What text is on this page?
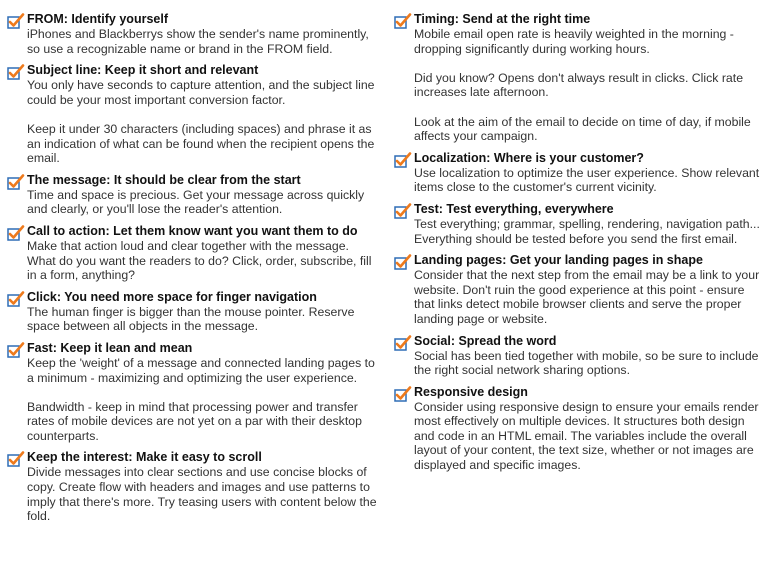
FROM: Identify yourself

iPhones and Blackberrys show the sender's name prominently, so use a recognizable name or brand in the FROM field.

Subject line: Keep it short and relevant

You only have seconds to capture attention, and the subject line could be your most important conversion factor.

Keep it under 30 characters (including spaces) and phrase it as an indication of what can be found when the recipient opens the email.

The message: It should be clear from the start

Time and space is precious. Get your message across quickly and clearly, or you'll lose the reader's attention.

Call to action: Let them know want you want them to do

Make that action loud and clear together with the message. What do you want the readers to do? Click, order, subscribe, fill in a form, anything?

Click: You need more space for finger navigation

The human finger is bigger than the mouse pointer. Reserve space between all objects in the message.

Fast: Keep it lean and mean

Keep the 'weight' of a message and connected landing pages to a minimum - maximizing and optimizing the user experience.

Bandwidth - keep in mind that processing power and transfer rates of mobile devices are not yet on a par with their desktop counterparts.

Keep the interest: Make it easy to scroll

Divide messages into clear sections and use concise blocks of copy. Create flow with headers and images and use patterns to imply that there's more. Try teasing users with content below the fold.

Timing: Send at the right time

Mobile email open rate is heavily weighted in the morning - dropping significantly during working hours.

Did you know? Opens don't always result in clicks. Click rate increases late afternoon.

Look at the aim of the email to decide on time of day, if mobile affects your campaign.

Localization: Where is your customer?

Use localization to optimize the user experience. Show relevant items close to the customer's current vicinity.

Test: Test everything, everywhere

Test everything; grammar, spelling, rendering, navigation path... Everything should be tested before you send the first email.

Landing pages: Get your landing pages in shape

Consider that the next step from the email may be a link to your website. Don't ruin the good experience at this point - ensure that links detect mobile browser clients and serve the proper landing page or website.

Social: Spread the word

Social has been tied together with mobile, so be sure to include the right social network sharing options.

Responsive design

Consider using responsive design to ensure your emails render most effectively on multiple devices. It structures both design and code in an HTML email. The variables include the overall layout of your content, the text size, whether or not images are displayed and specific images.
